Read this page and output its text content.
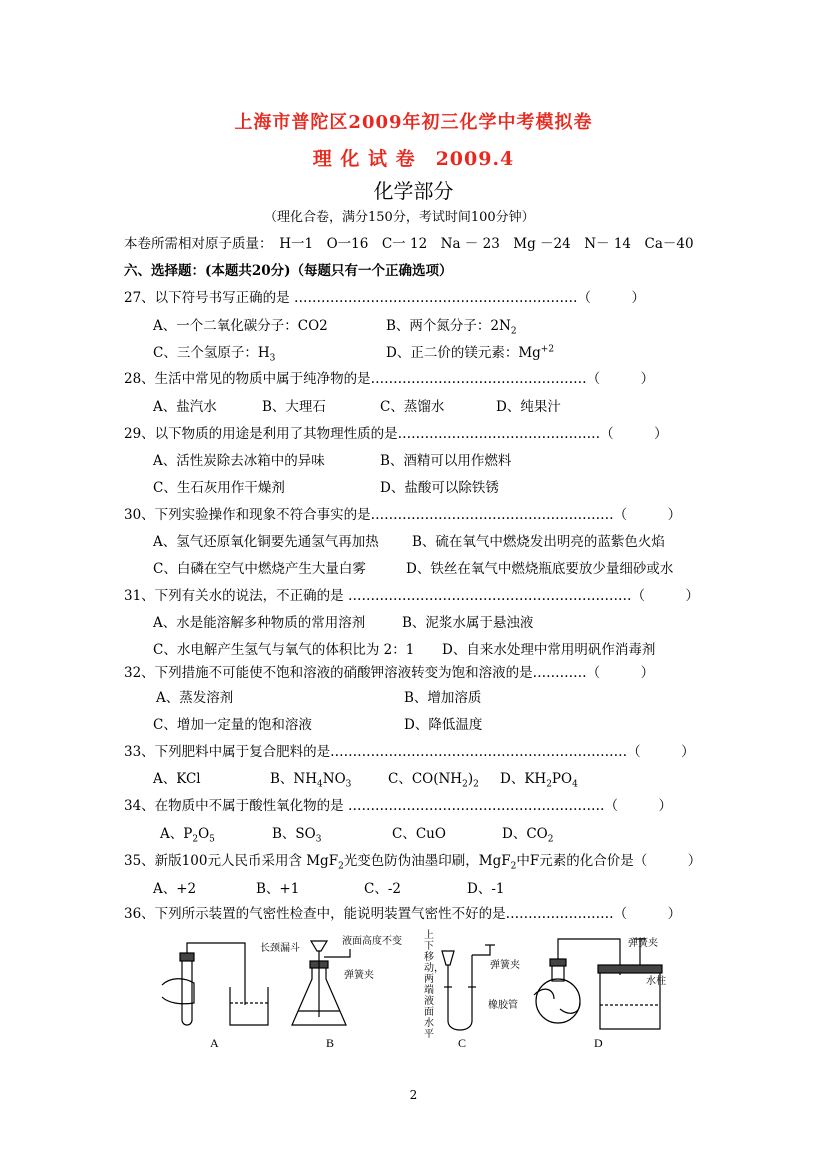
上海市普陀区2009年初三化学中考模拟卷
理 化 试 卷　2009.4
化学部分
（理化合卷，满分150分，考试时间100分钟）
本卷所需相对原子质量：　H一1　O一16　C一 12　Na － 23　Mg －24　N－ 14　Ca－40
六、选择题：(本题共20分)（每题只有一个正确选项）
27、以下符号书写正确的是 ………………………………………………………（　　　）
A、一个二氧化碳分子：CO2	B、两个氮分子：$2N_2$
C、三个氢原子：$H_3$	D、正二价的镁元素：$Mg^{+2}$
28、生活中常见的物质中属于纯净物的是…………………………………………（　　　）
A、盐汽水	B、大理石	C、蒸馏水	D、纯果汁
29、以下物质的用途是利用了其物理性质的是………………………………………（　　　）
A、活性炭除去冰箱中的异味	B、酒精可以用作燃料
C、生石灰用作干燥剂	D、盐酸可以除铁锈
30、下列实验操作和现象不符合事实的是………………………………………………（　　　）
A、氢气还原氧化铜要先通氢气再加热 B、硫在氧气中燃烧发出明亮的蓝紫色火焰
C、白磷在空气中燃烧产生大量白雾	D、铁丝在氧气中燃烧瓶底要放少量细砂或水
31、下列有关水的说法，不正确的是 ………………………………………………………（　　　）
A、水是能溶解多种物质的常用溶剂	B、泥浆水属于悬浊液
C、水电解产生氢气与氧气的体积比为 2：1 D、自来水处理中常用明矾作消毒剂
32、下列措施不可能使不饱和溶液的硝酸钾溶液转变为饱和溶液的是…………（　　　）
A、蒸发溶剂	B、增加溶质
C、增加一定量的饱和溶液	D、降低温度
33、下列肥料中属于复合肥料的是…………………………………………………………（　　　）
A、KCl	B、$NH_4NO_3$	C、$CO(NH_2)_2$ D、$KH_2PO_4$
34、在物质中不属于酸性氧化物的是 …………………………………………………（　　　）
A、$P_2O_5$	B、$SO_3$	C、CuO	D、$CO_2$
35、新版100元人民币采用含 MgF$_2$光变色防伪油墨印刷，MgF$_2$中F元素的化合价是（　　　）
A、+2	B、+1	C、-2	D、-1
36、下列所示装置的气密性检查中，能说明装置气密性不好的是……………………（　　　）
A	B	C	D
长颈漏斗
液面高度不变
弹簧夹
上下移动，两端液面水平
弹簧夹
橡胶管
弹簧夹
水柱
2
